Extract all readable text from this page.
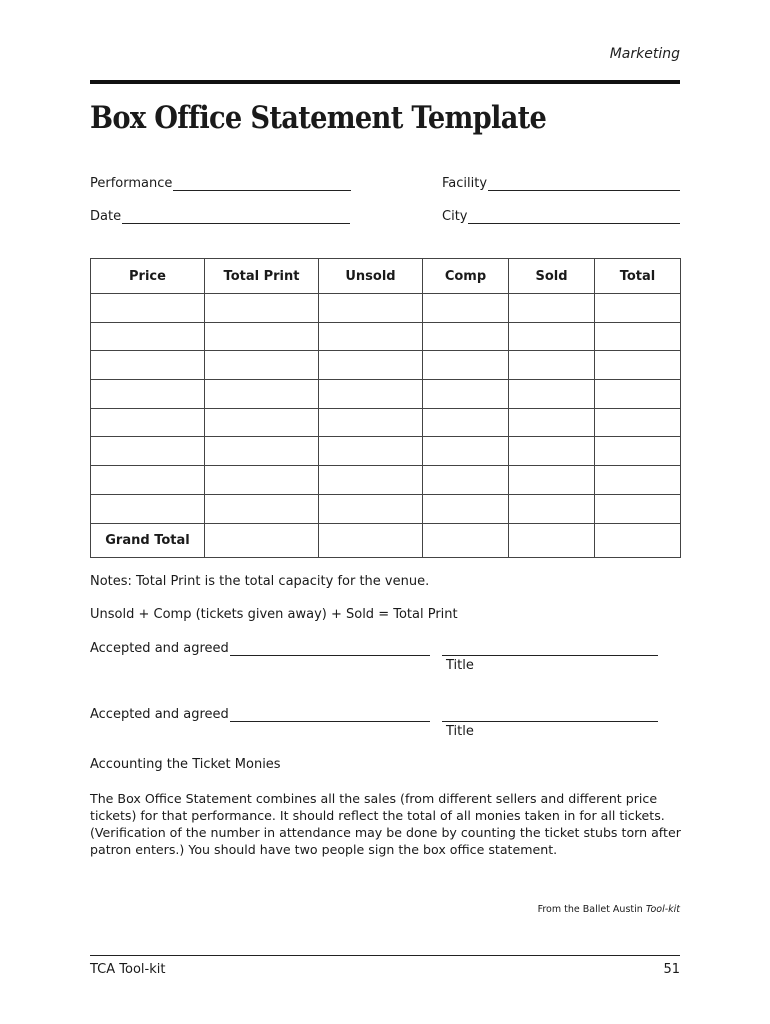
Marketing
Box Office Statement Template
Performance	Facility
Date	City
Price	Total Print	Unsold	Comp	Sold	Total

Grand Total					
Notes: Total Print is the total capacity for the venue.
Unsold + Comp (tickets given away) + Sold = Total Print
Accepted and agreed
Title
Accepted and agreed
Title
Accounting the Ticket Monies
The Box Office Statement combines all the sales (from different sellers and different price tickets) for that performance. It should reflect the total of all monies taken in for all tickets. (Verification of the number in attendance may be done by counting the ticket stubs torn after patron enters.) You should have two people sign the box office statement.
From the Ballet Austin Tool-kit
TCA Tool-kit	51
